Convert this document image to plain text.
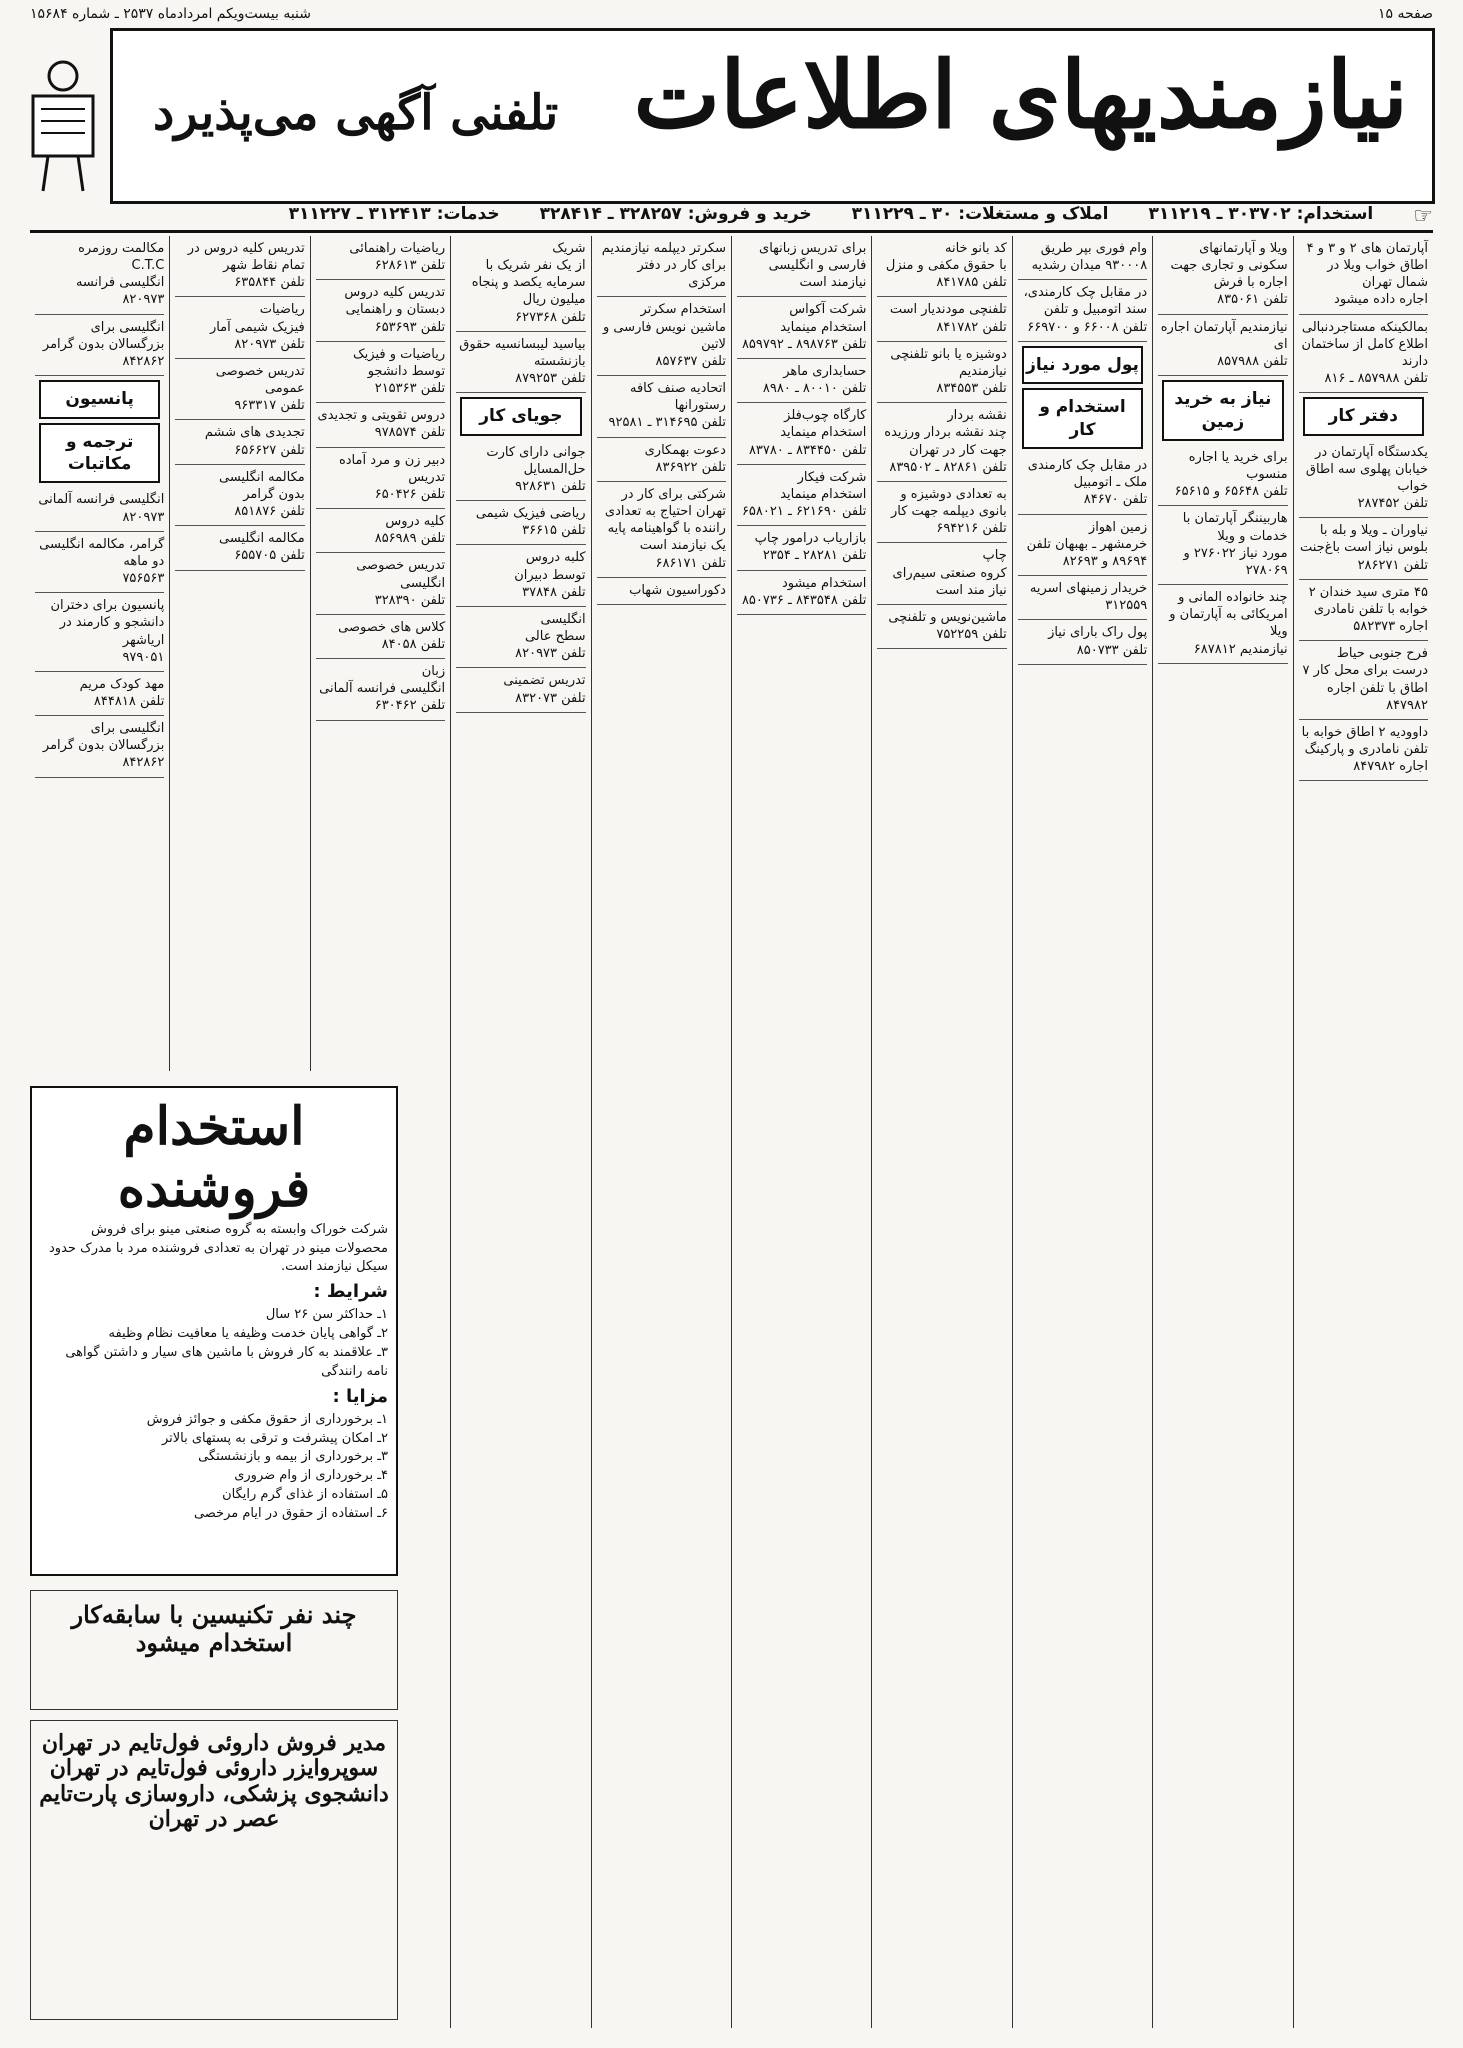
صفحه ۱۵
شنبه بیست‌ویکم امرداد‌ماه ۲۵۳۷ ـ شماره ۱۵۶۸۴
نیازمندیهای اطلاعات
تلفنی آگهی می‌پذیرد
☞
استخدام: ۳۰۳۷۰۲ ـ ۳۱۱۲۱۹
املاک و مستغلات: ۳۰ ـ ۳۱۱۲۲۹
خرید و فروش: ۳۲۸۲۵۷ ـ ۳۲۸۴۱۴
خدمات: ۳۱۲۴۱۳ ـ ۳۱۱۲۲۷

آپارتمان های ۲ و ۳ و ۴ اطاق خواب ویلا در شمال تهران
اجاره داده میشود

بمالکینکه مستاجر‌دنبالی اطلاع کامل از ساختمان دارند
تلفن ۸۵۷۹۸۸ ـ ۸۱۶

دفتر کار

یکدستگاه آپارتمان در خیابان پهلوی سه اطاق خواب
تلفن ۲۸۷۴۵۲

نیاوران ـ ویلا و بله با
بلوس نیاز است باغ‌جنت
تلفن ۲۸۶۲۷۱

۴۵ متری سید خندان ۲ خوابه با تلفن نامادری
اجاره ۵۸۲۳۷۳

فرح جنوبی حیاط درست برای محل کار ۷ اطاق با تلفن اجاره
۸۴۷۹۸۲

داوودیه ۲ اطاق خوابه با تلفن نامادری و پارکینگ اجاره ۸۴۷۹۸۲

ویلا و آپارتمانهای سکونی و تجاری جهت اجاره با فرش
تلفن ۸۳۵۰۶۱

نیازمندیم آپارتمان اجاره ای
تلفن ۸۵۷۹۸۸

نیاز به خرید زمین

برای خرید یا اجاره منسوب
تلفن ۶۵۶۴۸ و ۶۵۶۱۵

هاربیننگر آپارتمان با خدمات و ویلا
مورد نیاز ۲۷۶۰۲۲ و ۲۷۸۰۶۹

چند خانواده المانی و امریکائی به آپارتمان و ویلا
نیازمندیم ۶۸۷۸۱۲

وام فوری بپر طریق
۹۳۰۰۰۸ میدان رشدیه

در مقابل چک کارمندی، سند اتومبیل و تلفن
تلفن ۶۶۰۰۸ و ۶۶۹۷۰۰

پول مورد نیاز
استخدام و کار

در مقابل چک کارمندی ملک ـ اتومبیل
تلفن ۸۴۶۷۰

زمین اهواز
خرمشهر ـ بهبهان تلفن ۸۹۶۹۴ و ۸۲۶۹۳

خریدار زمینهای اسریه ۳۱۲۵۵۹

پول راک بارای نیاز
تلفن ۸۵۰۷۳۳

کد بانو خانه
با حقوق مکفی و منزل
تلفن ۸۴۱۷۸۵

تلفنچی مودندیار است
تلفن ۸۴۱۷۸۲

دوشیزه یا بانو تلفنچی نیازمندیم
تلفن ۸۳۴۵۵۳

نقشه بردار
چند نقشه بردار ورزیده جهت کار در تهران
تلفن ۸۲۸۶۱ ـ ۸۳۹۵۰۲

به تعدادی دوشیزه و بانوی دیپلمه جهت کار
تلفن ۶۹۴۲۱۶

چاپ
کروه صنعتی سیم‌رای نیاز مند است

ماشین‌نویس و تلفنچی
تلفن ۷۵۲۲۵۹

برای تدریس زبانهای فارسی و انگلیسی
نیازمند است

شرکت آکواس
استخدام مینماید
تلفن ۸۹۸۷۶۳ ـ ۸۵۹۷۹۲

حسابداری ماهر
تلفن ۸۰۰۱۰ ـ ۸۹۸۰

کارگاه چوب‌فلز
استخدام مینماید
تلفن ۸۳۴۴۵۰ ـ ۸۳۷۸۰

شرکت فیکار
استخدام مینماید
تلفن ۶۲۱۶۹۰ ـ ۶۵۸۰۲۱

بازاریاب درامور چاپ
تلفن ۲۸۲۸۱ ـ ۲۳۵۴

استخدام میشود
تلفن ۸۴۳۵۴۸ ـ ۸۵۰۷۳۶

سکرتر دیپلمه نیازمندیم
برای کار در دفتر مرکزی

استخدام سکرتر
ماشین نویس فارسی و لاتین
تلفن ۸۵۷۶۳۷

اتحادیه صنف کافه رستورانها
تلفن ۳۱۴۶۹۵ ـ ۹۲۵۸۱

دعوت بهمکاری
تلفن ۸۳۶۹۲۲

شرکتی برای کار در تهران احتیاج به تعدادی راننده با گواهینامه پایه یک نیازمند است
تلفن ۶۸۶۱۷۱

دکوراسیون شهاب

شریک
از یک نفر شریک با سرمایه یکصد و پنجاه میلیون ریال
تلفن ۶۲۷۳۶۸

بیاسید لیبسانسیه حقوق بازنشسته
تلفن ۸۷۹۲۵۳

جویای کار

جوانی دارای کارت حل‌المسایل
تلفن ۹۲۸۶۳۱

ریاضی فیزیک شیمی
تلفن ۳۶۶۱۵

کلبه دروس
توسط دبیران
تلفن ۳۷۸۴۸

انگلیسی
سطح عالی
تلفن ۸۲۰۹۷۳

تدریس تضمینی
تلفن ۸۳۲۰۷۳

ریاضیات راهنمائی
تلفن ۶۲۸۶۱۳

تدریس کلیه دروس دبستان و راهنمایی
تلفن ۶۵۳۶۹۳

ریاضیات و فیزیک توسط دانشجو
تلفن ۲۱۵۳۶۳

دروس تقویتی و تجدیدی
تلفن ۹۷۸۵۷۴

دبیر زن و مرد آماده تدریس
تلفن ۶۵۰۴۲۶

کلیه دروس
تلفن ۸۵۶۹۸۹

تدریس خصوصی انگلیسی
تلفن ۳۲۸۳۹۰

کلاس های خصوصی
تلفن ۸۴۰۵۸

زبان
انگلیسی فرانسه آلمانی
تلفن ۶۳۰۴۶۲

تدریس کلیه دروس در تمام نقاط شهر
تلفن ۶۳۵۸۴۴

ریاضیات
فیزیک شیمی آمار
تلفن ۸۲۰۹۷۳

تدریس خصوصی عمومی
تلفن ۹۶۳۳۱۷

تجدیدی های ششم
تلفن ۶۵۶۶۲۷

مکالمه انگلیسی
بدون گرامر
تلفن ۸۵۱۸۷۶

مکالمه انگلیسی
تلفن ۶۵۵۷۰۵

مکالمت روزمره
C.T.C
انگلیسی فرانسه
۸۲۰۹۷۳

انگلیسی برای بزرگسالان بدون گرامر
۸۴۲۸۶۲

پانسیون
ترجمه و مکاتبات

انگلیسی فرانسه آلمانی
۸۲۰۹۷۳

گرامر، مکالمه انگلیسی دو ماهه
۷۵۶۵۶۳

پانسیون برای دختران دانشجو و کارمند در اریاشهر
۹۷۹۰۵۱

مهد کودک مریم
تلفن ۸۴۴۸۱۸

انگلیسی برای بزرگسالان بدون گرامر
۸۴۲۸۶۲

استخدام فروشنده
شرکت خوراک وابسته به گروه صنعتی مینو برای فروش محصولات مینو در تهران به تعدادی فروشنده مرد با مدرک حدود سیکل نیازمند است.
شرایط :
۱ـ حداکثر سن ۲۶ سال
۲ـ گواهی پایان خدمت وظیفه یا معافیت نظام وظیفه
۳ـ علاقمند به کار فروش با ماشین های سیار و داشتن گواهی نامه رانندگی
مزایا :
۱ـ برخورداری از حقوق مکفی و جوائز فروش
۲ـ امکان پیشرفت و ترقی به پستهای بالاتر
۳ـ برخورداری از بیمه و بازنشستگی
۴ـ برخورداری از وام ضروری
۵ـ استفاده از غذای گرم رایگان
۶ـ استفاده از حقوق در ایام مرخصی
چند نفر تکنیسین با سابقه‌کار استخدام میشود
مدیر فروش داروئی فول‌تایم در تهران
سوپروایزر داروئی فول‌تایم در تهران
دانشجوی پزشکی، داروسازی پارت‌تایم عصر در تهران
